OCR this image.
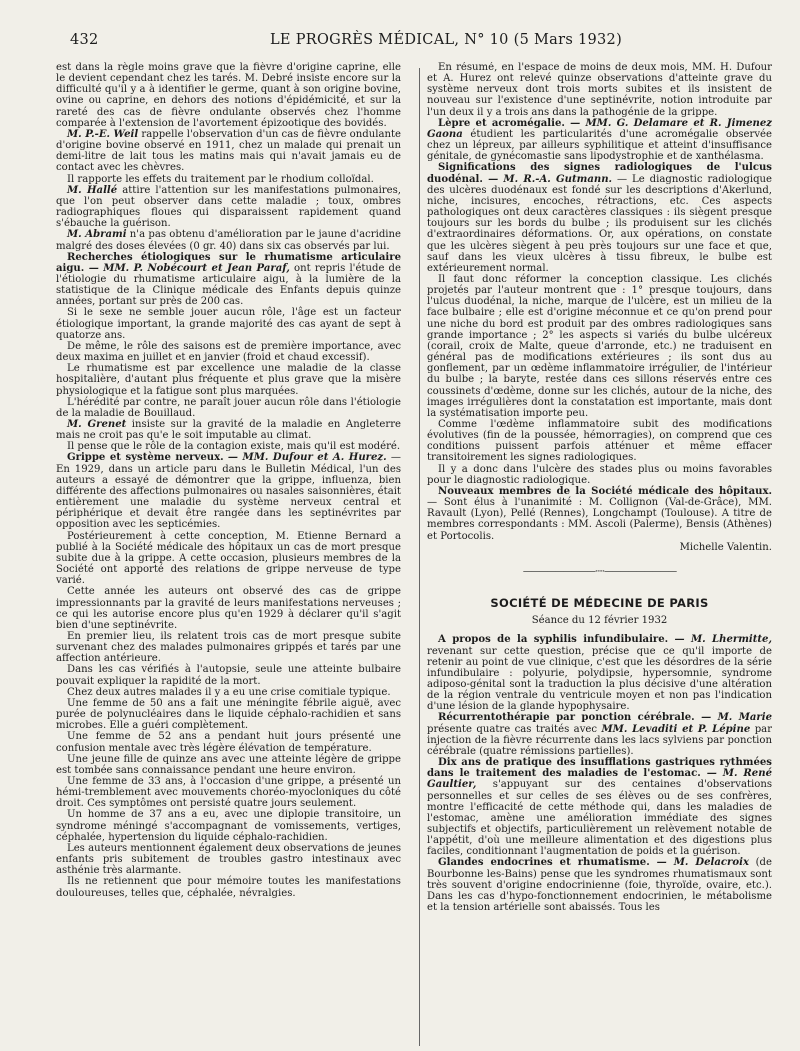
432	LE PROGRÈS MÉDICAL, N° 10 (5 Mars 1932)

est dans la règle moins grave que la fièvre d'origine caprine, elle le devient cependant chez les tarés. M. Debré insiste encore sur la difficulté qu'il y a à identifier le germe, quant à son origine bovine, ovine ou caprine, en dehors des notions d'épidémicité, et sur la rareté des cas de fièvre ondulante observés chez l'homme comparée à l'extension de l'avortement épizootique des bovidés.

M. P.-E. Weil rappelle l'observation d'un cas de fièvre ondulante d'origine bovine observé en 1911, chez un malade qui prenait un demi-litre de lait tous les matins mais qui n'avait jamais eu de contact avec les chèvres.

Il rapporte les effets du traitement par le rhodium colloïdal.

M. Hallé attire l'attention sur les manifestations pulmonaires, que l'on peut observer dans cette maladie ; toux, ombres radiographiques floues qui disparaissent rapidement quand s'ébauche la guérison.

M. Abrami n'a pas obtenu d'amélioration par le jaune d'acridine malgré des doses élevées (0 gr. 40) dans six cas observés par lui.

Recherches étiologiques sur le rhumatisme articulaire aigu. — MM. P. Nobécourt et Jean Paraf, ont repris l'étude de l'étiologie du rhumatisme articulaire aigu, à la lumière de la statistique de la Clinique médicale des Enfants depuis quinze années, portant sur près de 200 cas.

Si le sexe ne semble jouer aucun rôle, l'âge est un facteur étiologique important, la grande majorité des cas ayant de sept à quatorze ans.

De même, le rôle des saisons est de première importance, avec deux maxima en juillet et en janvier (froid et chaud excessif).

Le rhumatisme est par excellence une maladie de la classe hospitalière, d'autant plus fréquente et plus grave que la misère physiologique et la fatigue sont plus marquées.

L'hérédité par contre, ne paraît jouer aucun rôle dans l'étiologie de la maladie de Bouillaud.

M. Grenet insiste sur la gravité de la maladie en Angleterre mais ne croit pas qu'e le soit imputable au climat.

Il pense que le rôle de la contagion existe, mais qu'il est modéré.

Grippe et système nerveux. — MM. Dufour et A. Hurez. — En 1929, dans un article paru dans le Bulletin Médical, l'un des auteurs a essayé de démontrer que la grippe, influenza, bien différente des affections pulmonaires ou nasales saisonnières, était entièrement une maladie du système nerveux central et périphérique et devait être rangée dans les septinévrites par opposition avec les septicémies.

Postérieurement à cette conception, M. Etienne Bernard a publié à la Société médicale des hôpitaux un cas de mort presque subite due à la grippe. A cette occasion, plusieurs membres de la Société ont apporté des relations de grippe nerveuse de type varié.

Cette année les auteurs ont observé des cas de grippe impressionnants par la gravité de leurs manifestations nerveuses ; ce qui les autorise encore plus qu'en 1929 à déclarer qu'il s'agit bien d'une septinévrite.

En premier lieu, ils relatent trois cas de mort presque subite survenant chez des malades pulmonaires grippés et tarés par une affection antérieure.

Dans les cas vérifiés à l'autopsie, seule une atteinte bulbaire pouvait expliquer la rapidité de la mort.

Chez deux autres malades il y a eu une crise comitiale typique.

Une femme de 50 ans a fait une méningite fébrile aiguë, avec purée de polynucléaires dans le liquide céphalo-rachidien et sans microbes. Elle a guéri complètement.

Une femme de 52 ans a pendant huit jours présenté une confusion mentale avec très légère élévation de température.

Une jeune fille de quinze ans avec une atteinte légère de grippe est tombée sans connaissance pendant une heure environ.

Une femme de 33 ans, à l'occasion d'une grippe, a présenté un hémi-tremblement avec mouvements choréo-myocloniques du côté droit. Ces symptômes ont persisté quatre jours seulement.

Un homme de 37 ans a eu, avec une diplopie transitoire, un syndrome méningé s'accompagnant de vomissements, vertiges, céphalée, hypertension du liquide céphalo-rachidien.

Les auteurs mentionnent également deux observations de jeunes enfants pris subitement de troubles gastro intestinaux avec asthénie très alarmante.

Ils ne retiennent que pour mémoire toutes les manifestations douloureuses, telles que, céphalée, névralgies.

En résumé, en l'espace de moins de deux mois, MM. H. Dufour et A. Hurez ont relevé quinze observations d'atteinte grave du système nerveux dont trois morts subites et ils insistent de nouveau sur l'existence d'une septinévrite, notion introduite par l'un deux il y a trois ans dans la pathogénie de la grippe.

Lèpre et acromégalie. — MM. G. Delamare et R. Jimenez Gaona étudient les particularités d'une acromégalie observée chez un lépreux, par ailleurs syphilitique et atteint d'insuffisance génitale, de gynécomastie sans lipodystrophie et de xanthélasma.

Significations des signes radiologiques de l'ulcus duodénal. — M. R.-A. Gutmann. — Le diagnostic radiologique des ulcères duodénaux est fondé sur les descriptions d'Akerlund, niche, incisures, encoches, rétractions, etc. Ces aspects pathologiques ont deux caractères classiques : ils siègent presque toujours sur les bords du bulbe ; ils produisent sur les clichés d'extraordinaires déformations. Or, aux opérations, on constate que les ulcères siègent à peu près toujours sur une face et que, sauf dans les vieux ulcères à tissu fibreux, le bulbe est extérieurement normal.

Il faut donc réformer la conception classique. Les clichés projetés par l'auteur montrent que : 1° presque toujours, dans l'ulcus duodénal, la niche, marque de l'ulcère, est un milieu de la face bulbaire ; elle est d'origine méconnue et ce qu'on prend pour une niche du bord est produit par des ombres radiologiques sans grande importance ; 2° les aspects si variés du bulbe ulcéreux (corail, croix de Malte, queue d'arronde, etc.) ne traduisent en général pas de modifications extérieures ; ils sont dus au gonflement, par un œdème inflammatoire irrégulier, de l'intérieur du bulbe ; la baryte, restée dans ces sillons réservés entre ces coussinets d'œdème, donne sur les clichés, autour de la niche, des images irrégulières dont la constatation est importante, mais dont la systématisation importe peu.

Comme l'œdème inflammatoire subit des modifications évolutives (fin de la poussée, hémorragies), on comprend que ces conditions puissent parfois atténuer et même effacer transitoirement les signes radiologiques.

Il y a donc dans l'ulcère des stades plus ou moins favorables pour le diagnostic radiologique.

Nouveaux membres de la Société médicale des hôpitaux. — Sont élus à l'unanimité : M. Collignon (Val-de-Grâce), MM. Ravault (Lyon), Pellé (Rennes), Longchampt (Toulouse). A titre de membres correspondants : MM. Ascoli (Palerme), Bensis (Athènes) et Portocolis.

Michelle Valentin.

—————————·····—————————
SOCIÉTÉ DE MÉDECINE DE PARIS
Séance du 12 février 1932

A propos de la syphilis infundibulaire. — M. Lhermitte, revenant sur cette question, précise que ce qu'il importe de retenir au point de vue clinique, c'est que les désordres de la série infundibulaire : polyurie, polydipsie, hypersomnie, syndrome adiposo-génital sont la traduction la plus décisive d'une altération de la région ventrale du ventricule moyen et non pas l'indication d'une lésion de la glande hypophysaire.

Récurrentothérapie par ponction cérébrale. — M. Marie présente quatre cas traités avec MM. Levaditi et P. Lépine par injection de la fièvre récurrente dans les lacs sylviens par ponction cérébrale (quatre rémissions partielles).

Dix ans de pratique des insufflations gastriques rythmées dans le traitement des maladies de l'estomac. — M. René Gaultier, s'appuyant sur des centaines d'observations personnelles et sur celles de ses élèves ou de ses confrères, montre l'efficacité de cette méthode qui, dans les maladies de l'estomac, amène une amélioration immédiate des signes subjectifs et objectifs, particulièrement un relèvement notable de l'appétit, d'où une meilleure alimentation et des digestions plus faciles, conditionnant l'augmentation de poids et la guérison.

Glandes endocrines et rhumatisme. — M. Delacroix (de Bourbonne les-Bains) pense que les syndromes rhumatismaux sont très souvent d'origine endocrinienne (foie, thyroïde, ovaire, etc.). Dans les cas d'hypo-fonctionnement endocrinien, le métabolisme et la tension artérielle sont abaissés. Tous les
